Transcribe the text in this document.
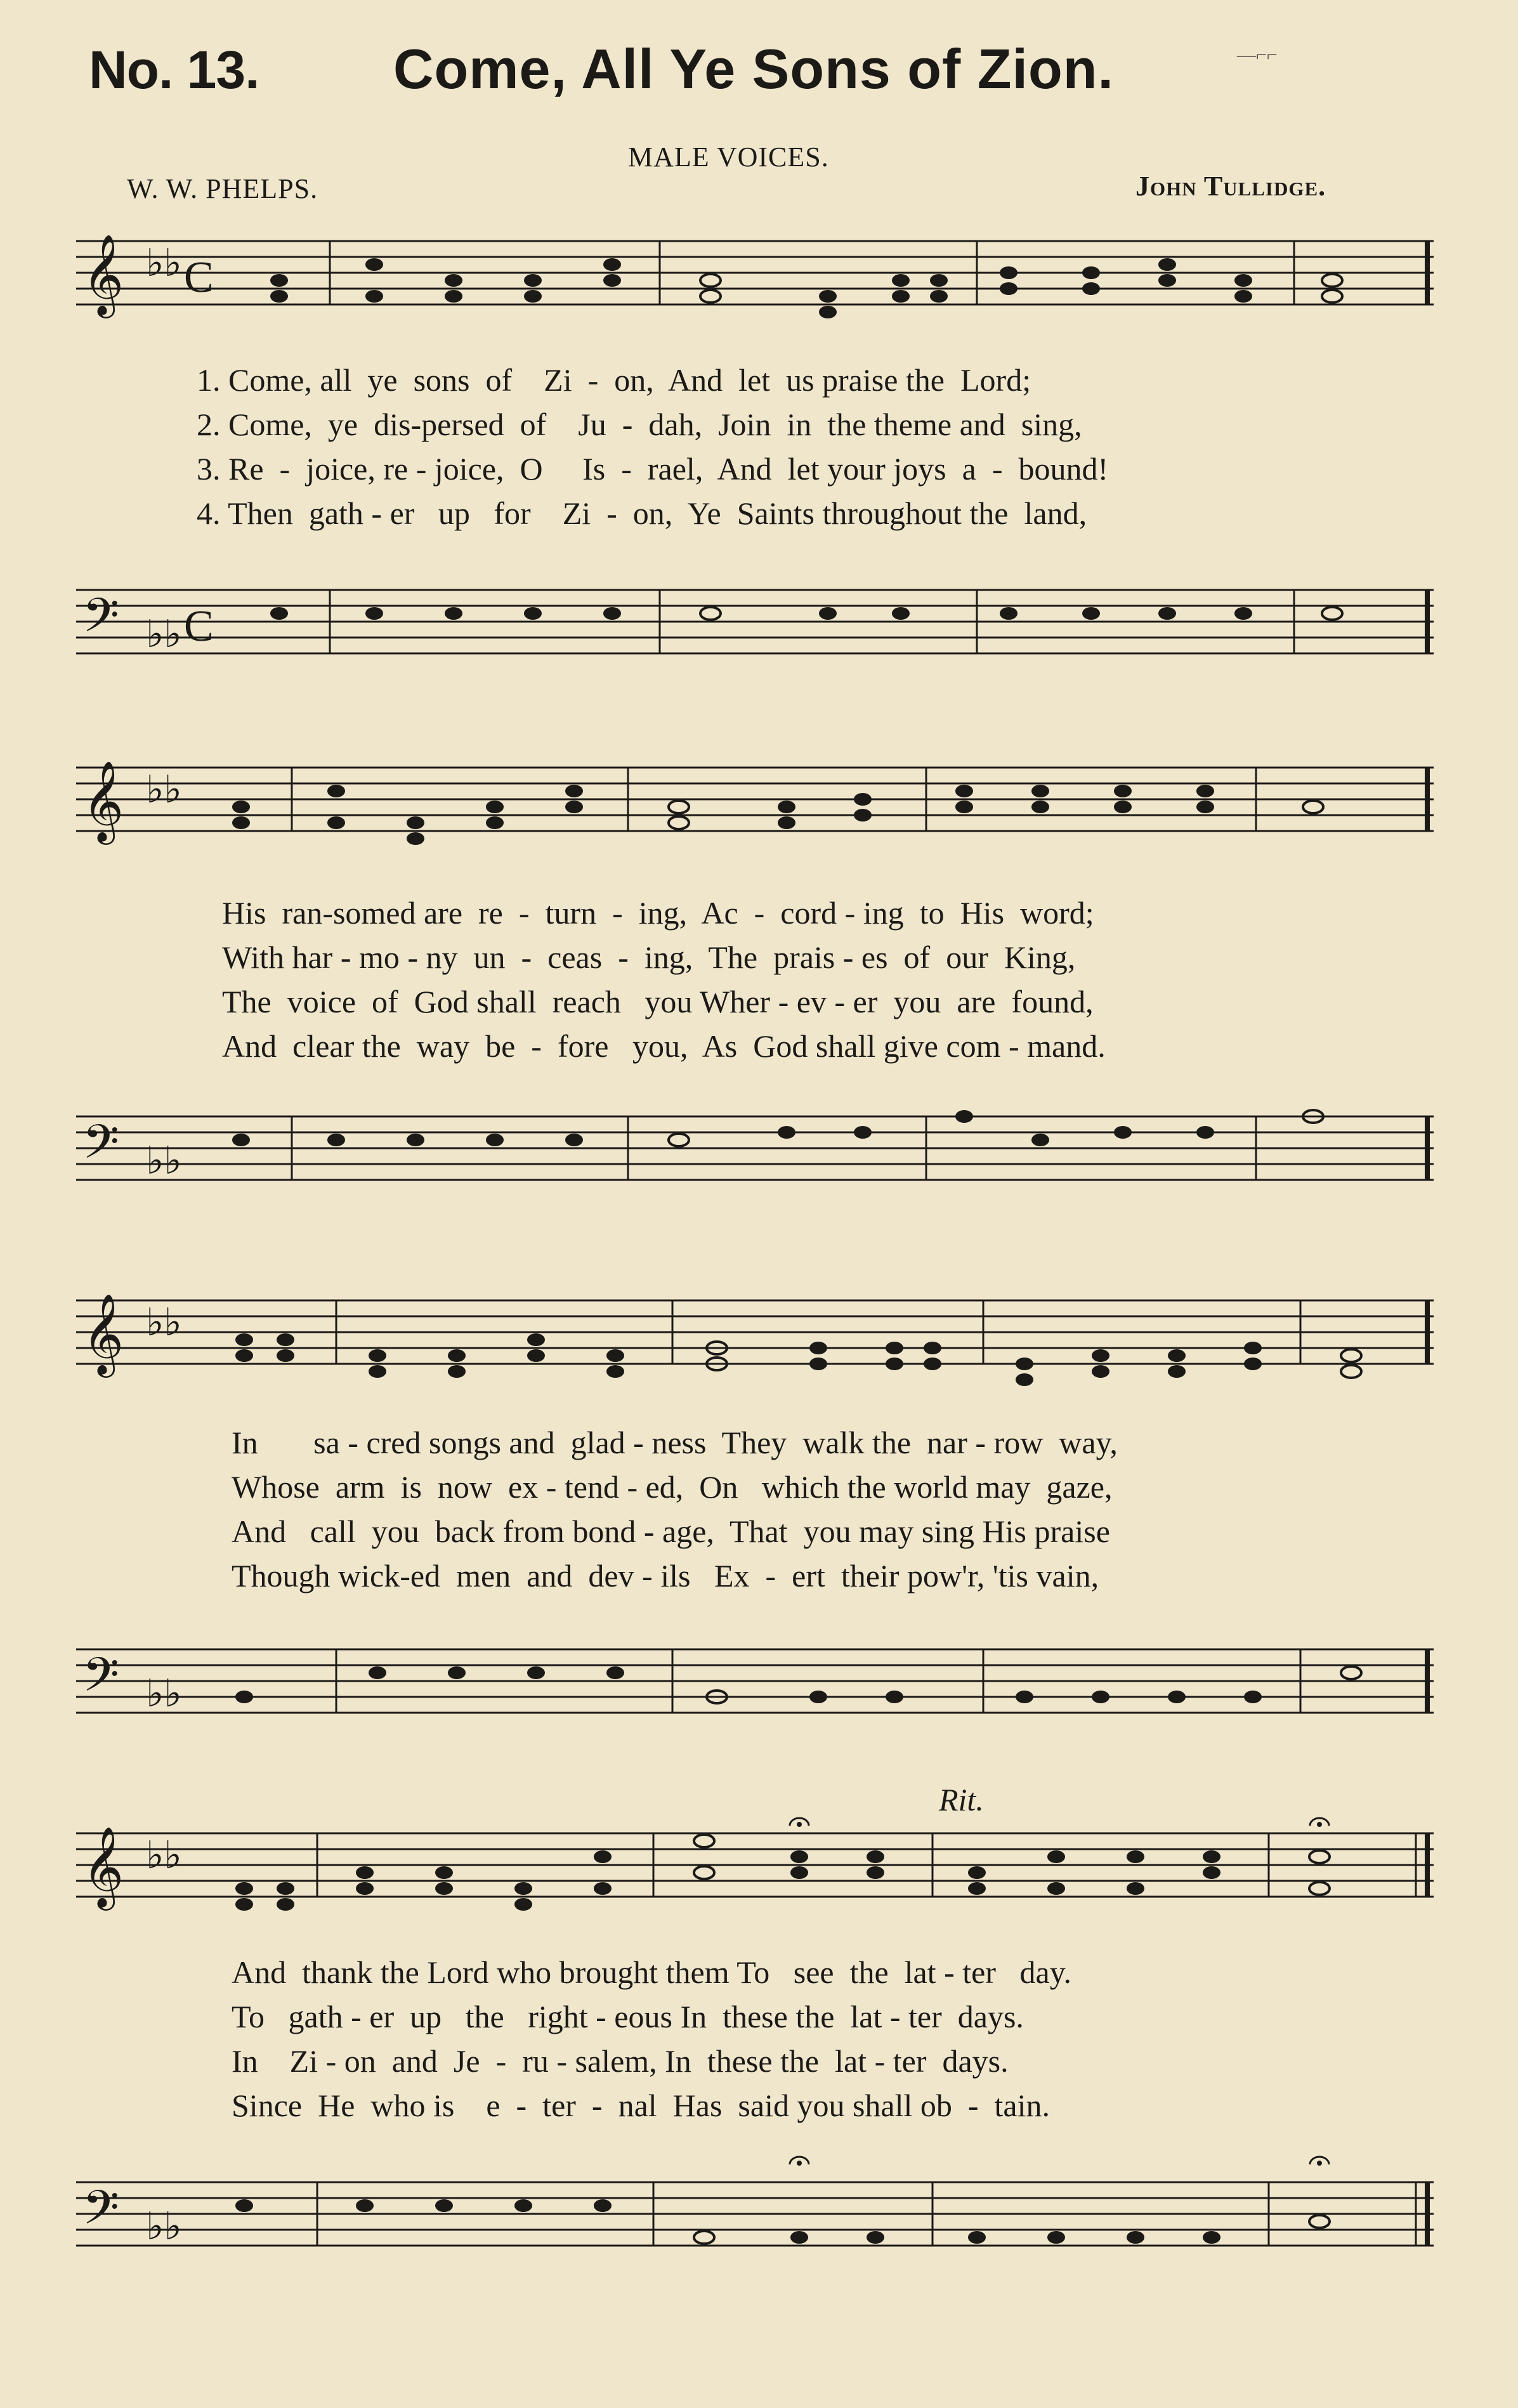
No. 13. Come, All Ye Sons of Zion.
MALE VOICES.
W. W. PHELPS.	John Tullidge.
—⌐⌐
𝄞 ♭♭ C
1. Come, all  ye  sons  of    Zi  -  on,  And  let  us praise the  Lord;
2. Come,  ye  dis-persed  of    Ju  -  dah,  Join  in  the theme and  sing,
3. Re  -  joice, re - joice,  O     Is  -  rael,  And  let your joys  a  -  bound!
4. Then  gath - er   up   for    Zi  -  on,  Ye  Saints throughout the  land,
𝄢 ♭♭ C
𝄞 ♭♭
His  ran-somed are  re  -  turn  -  ing,  Ac  -  cord - ing  to  His  word;
With har - mo - ny  un  -  ceas  -  ing,  The  prais - es  of  our  King,
The  voice  of  God shall  reach   you Wher - ev - er  you  are  found,
And  clear the  way  be  -  fore   you,  As  God shall give com - mand.
𝄢 ♭♭
𝄞 ♭♭
In       sa - cred songs and  glad - ness  They  walk the  nar - row  way,
Whose  arm  is  now  ex - tend - ed,  On   which the world may  gaze,
And   call  you  back from bond - age,  That  you may sing His praise
Though wick-ed  men  and  dev - ils   Ex  -  ert  their pow'r, 'tis vain,
𝄢 ♭♭
Rit.
𝄞 ♭♭
And  thank the Lord who brought them To   see  the  lat - ter   day.
To   gath - er  up   the   right - eous In  these the  lat - ter  days.
In    Zi - on  and  Je  -  ru - salem, In  these the  lat - ter  days.
Since  He  who is    e  -  ter  -  nal  Has  said you shall ob  -  tain.
𝄢 ♭♭
